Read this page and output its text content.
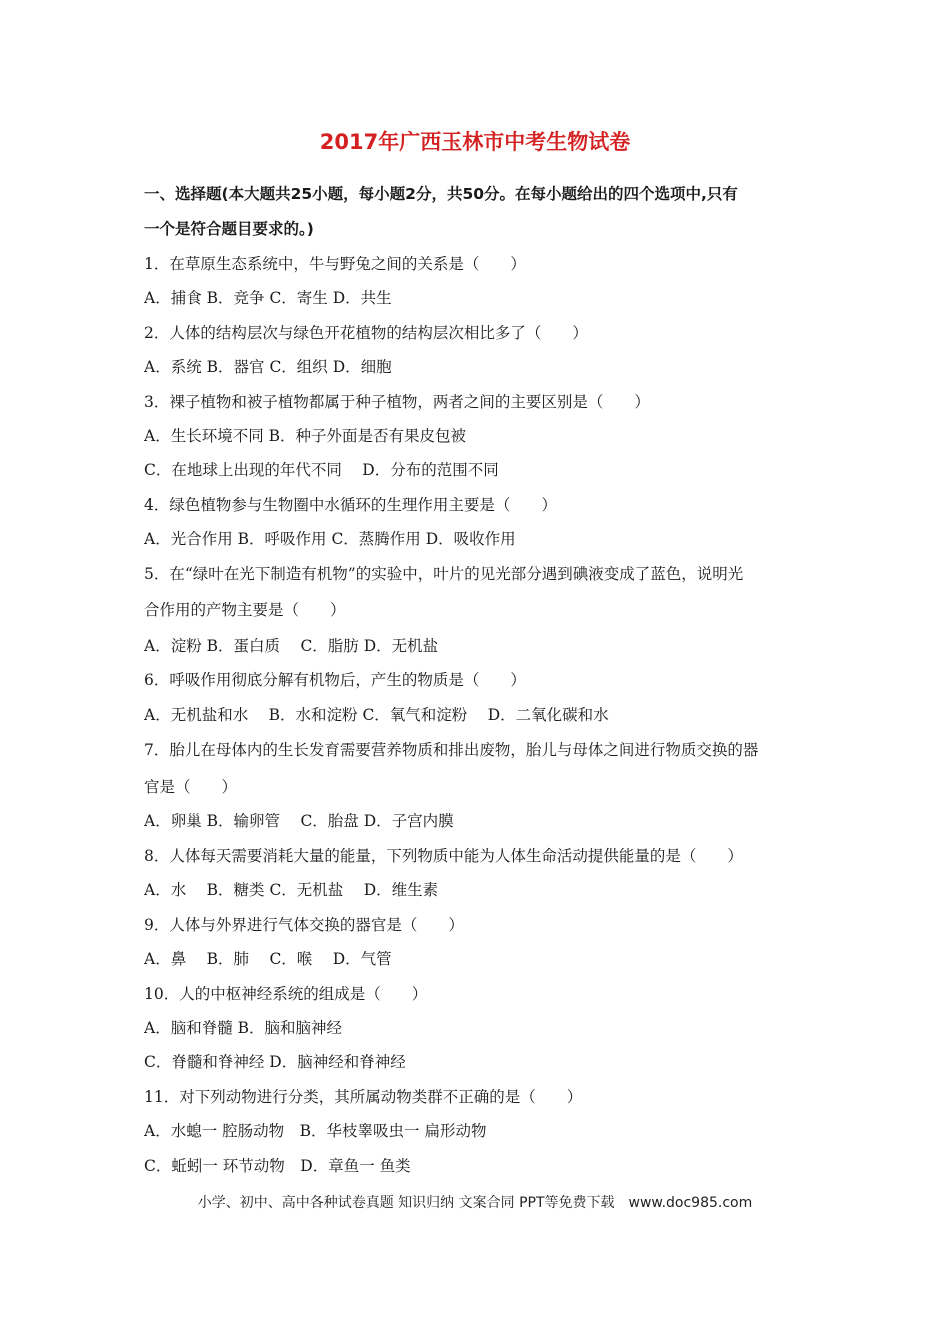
2017年广西玉林市中考生物试卷
一、选择题(本大题共25小题，每小题2分，共50分。在每小题给出的四个选项中,只有
一个是符合题目要求的。)
1．在草原生态系统中，牛与野兔之间的关系是（　　）
A．捕食 B．竞争 C．寄生 D．共生
2．人体的结构层次与绿色开花植物的结构层次相比多了（　　）
A．系统 B．器官 C．组织 D．细胞
3．裸子植物和被子植物都属于种子植物，两者之间的主要区别是（　　）
A．生长环境不同 B．种子外面是否有果皮包被
C．在地球上出现的年代不同　 D．分布的范围不同
4．绿色植物参与生物圈中水循环的生理作用主要是（　　）
A．光合作用 B．呼吸作用 C．蒸腾作用 D．吸收作用
5．在“绿叶在光下制造有机物”的实验中，叶片的见光部分遇到碘液变成了蓝色，说明光
合作用的产物主要是（　　）
A．淀粉 B．蛋白质　 C．脂肪 D．无机盐
6．呼吸作用彻底分解有机物后，产生的物质是（　　）
A．无机盐和水　 B．水和淀粉 C．氧气和淀粉　 D．二氧化碳和水
7．胎儿在母体内的生长发育需要营养物质和排出废物，胎儿与母体之间进行物质交换的器
官是（　　）
A．卵巢 B．输卵管　 C．胎盘 D．子宫内膜
8．人体每天需要消耗大量的能量，下列物质中能为人体生命活动提供能量的是（　　）
A．水　 B．糖类 C．无机盐　 D．维生素
9．人体与外界进行气体交换的器官是（　　）
A．鼻　 B．肺　 C．喉　 D．气管
10．人的中枢神经系统的组成是（　　）
A．脑和脊髓 B．脑和脑神经
C．脊髓和脊神经 D．脑神经和脊神经
11．对下列动物进行分类，其所属动物类群不正确的是（　　）
A．水螅一 腔肠动物　B．华枝睾吸虫一 扁形动物
C．蚯蚓一 环节动物　D．章鱼一 鱼类
小学、初中、高中各种试卷真题 知识归纳 文案合同 PPT等免费下载　www.doc985.com
